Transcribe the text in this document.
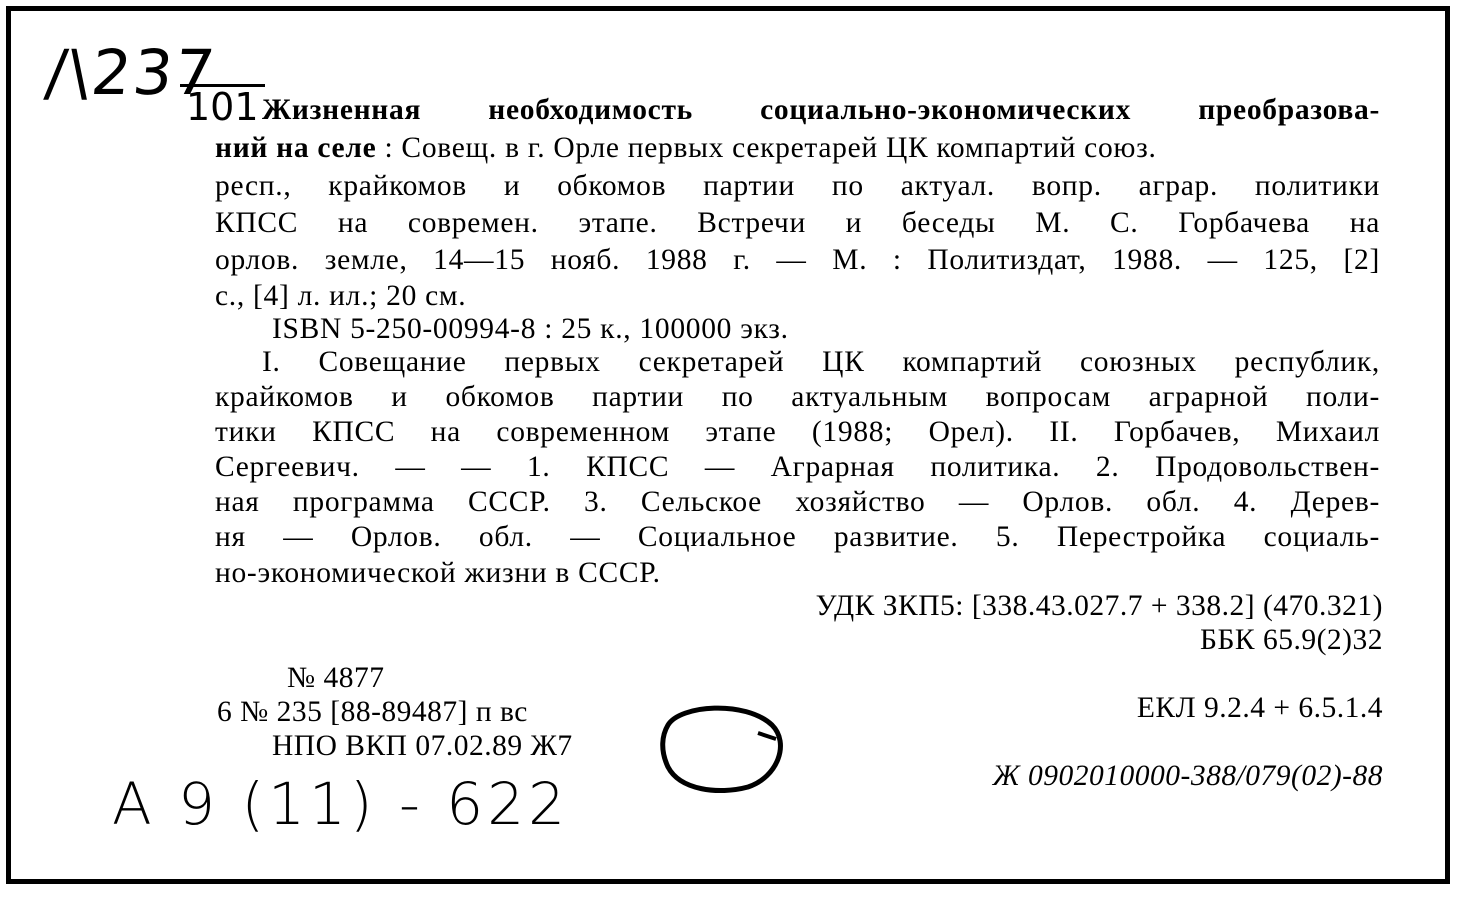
/\237
101 Жизненная необходимость социально-экономических преобразова-
ний на селе : Совещ. в г. Орле первых секретарей ЦК компартий союз.
респ., крайкомов и обкомов партии по актуал. вопр. аграр. политики
КПСС на современ. этапе. Встречи и беседы М. С. Горбачева на
орлов. земле, 14—15 нояб. 1988 г. — М. : Политиздат, 1988. — 125, [2]
с., [4] л. ил.; 20 см.
ISBN 5-250-00994-8 : 25 к., 100000 экз.
I. Совещание первых секретарей ЦК компартий союзных республик,
крайкомов и обкомов партии по актуальным вопросам аграрной поли-
тики КПСС на современном этапе (1988; Орел). II. Горбачев, Михаил
Сергеевич. — — 1. КПСС — Аграрная политика. 2. Продовольствен-
ная программа СССР. 3. Сельское хозяйство — Орлов. обл. 4. Дерев-
ня — Орлов. обл. — Социальное развитие. 5. Перестройка социаль-
но-экономической жизни в СССР.
УДК ЗКП5: [338.43.027.7 + 338.2] (470.321)
ББК 65.9(2)32
№ 4877
6 № 235 [88-89487] п вс
НПО ВКП 07.02.89 Ж7
ЕКЛ 9.2.4 + 6.5.1.4
Ж 0902010000-388/079(02)-88
А 9 (11) - 622
